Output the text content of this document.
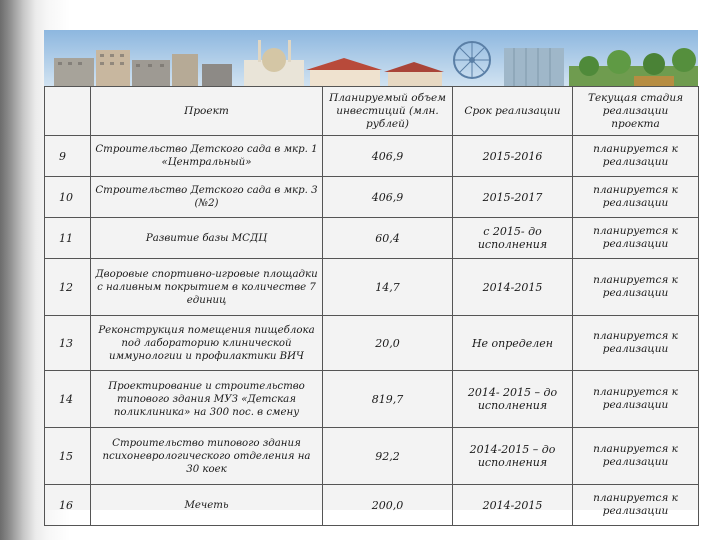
	Проект	Планируемый объем инвестиций (млн. рублей)	Срок реализации	Текущая стадия реализации проекта
9	Строительство Детского сада в мкр. 1 «Центральный»	406,9	2015-2016	планируется к реализации
10	Строительство Детского сада в мкр. 3 (№2)	406,9	2015-2017	планируется к реализации
11	Развитие базы МСДЦ	60,4	с 2015- до исполнения	планируется к реализации
12	Дворовые спортивно-игровые площадки с наливным покрытием в количестве 7 единиц	14,7	2014-2015	планируется к реализации
13	Реконструкция помещения пищеблока под лабораторию клинической иммунологии и профилактики ВИЧ	20,0	Не определен	планируется к реализации
14	Проектирование и строительство типового здания МУЗ «Детская поликлиника» на 300 пос. в смену	819,7	2014- 2015 – до исполнения	планируется к реализации
15	Строительство типового здания психоневрологического отделения на 30 коек	92,2	2014-2015 – до исполнения	планируется к реализации
16	Мечеть	200,0	2014-2015	планируется к реализации
